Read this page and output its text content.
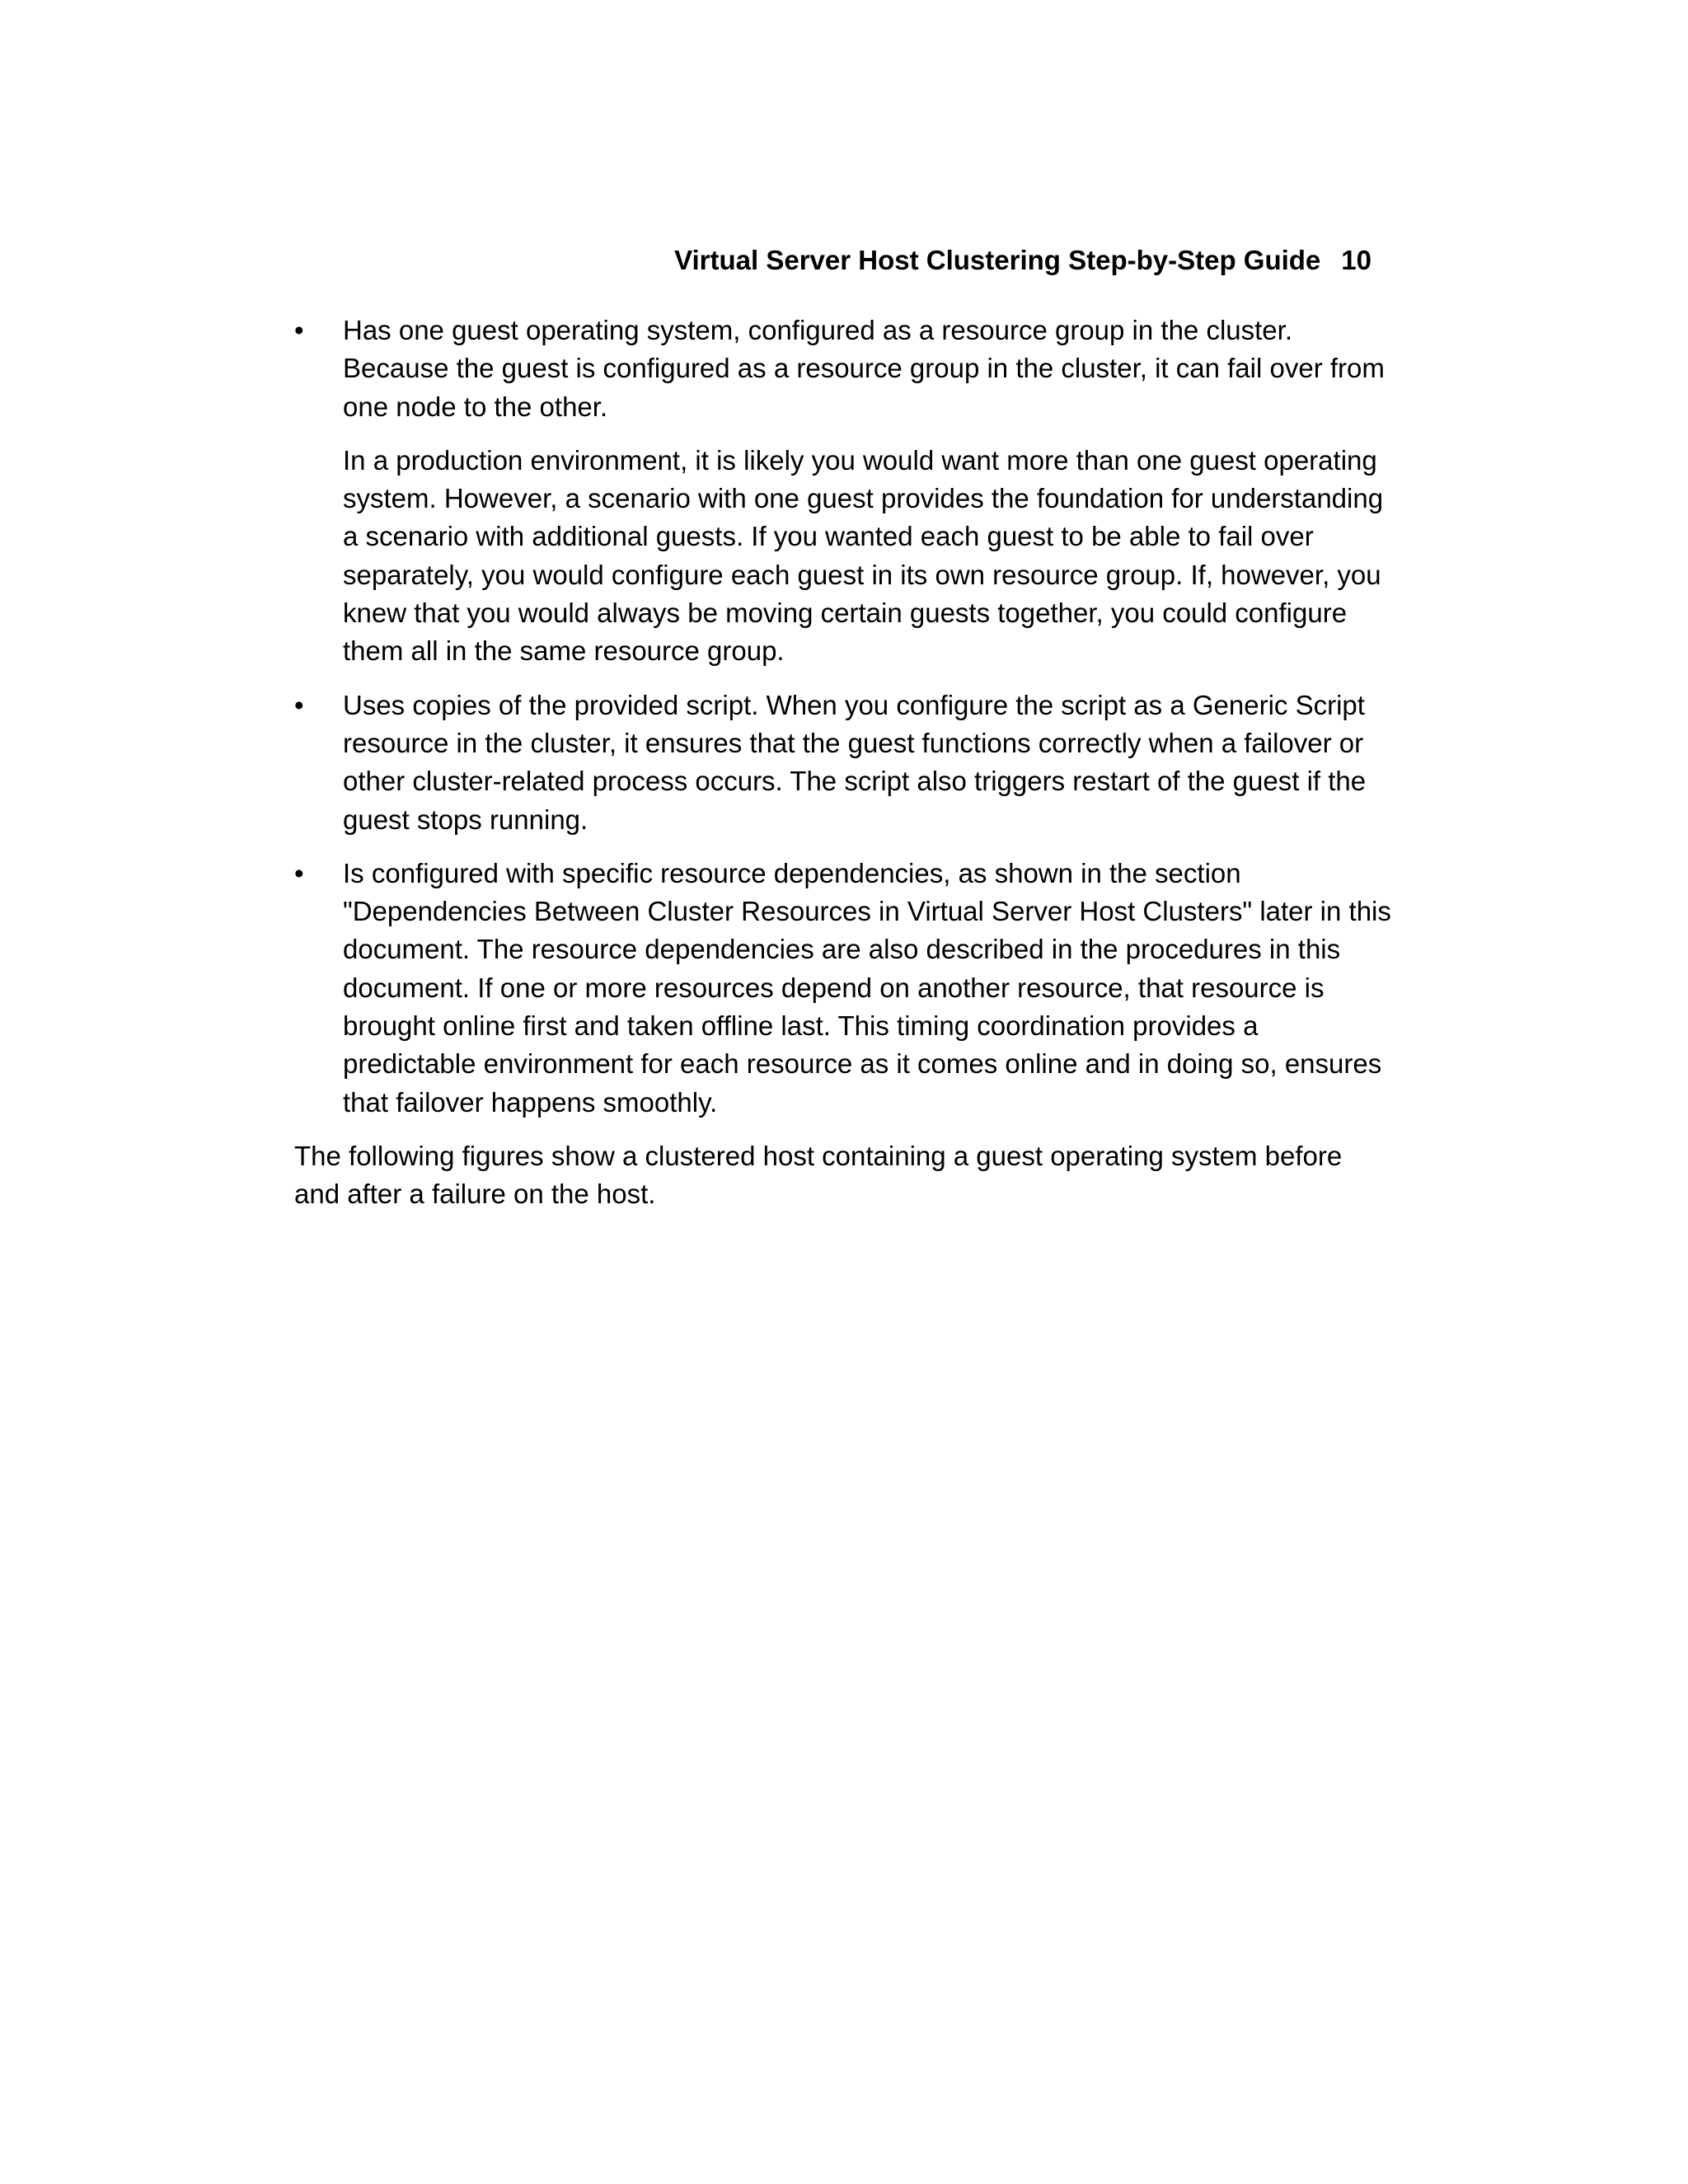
Virtual Server Host Clustering Step-by-Step Guide 10
•	Has one guest operating system, configured as a resource group in the cluster. Because the guest is configured as a resource group in the cluster, it can fail over from one node to the other.

In a production environment, it is likely you would want more than one guest operating system. However, a scenario with one guest provides the foundation for understanding a scenario with additional guests. If you wanted each guest to be able to fail over separately, you would configure each guest in its own resource group. If, however, you knew that you would always be moving certain guests together, you could configure them all in the same resource group.

•	Uses copies of the provided script. When you configure the script as a Generic Script resource in the cluster, it ensures that the guest functions correctly when a failover or other cluster-related process occurs. The script also triggers restart of the guest if the guest stops running.

•	Is configured with specific resource dependencies, as shown in the section "Dependencies Between Cluster Resources in Virtual Server Host Clusters" later in this document. The resource dependencies are also described in the procedures in this document. If one or more resources depend on another resource, that resource is brought online first and taken offline last. This timing coordination provides a predictable environment for each resource as it comes online and in doing so, ensures that failover happens smoothly.

The following figures show a clustered host containing a guest operating system before and after a failure on the host.
